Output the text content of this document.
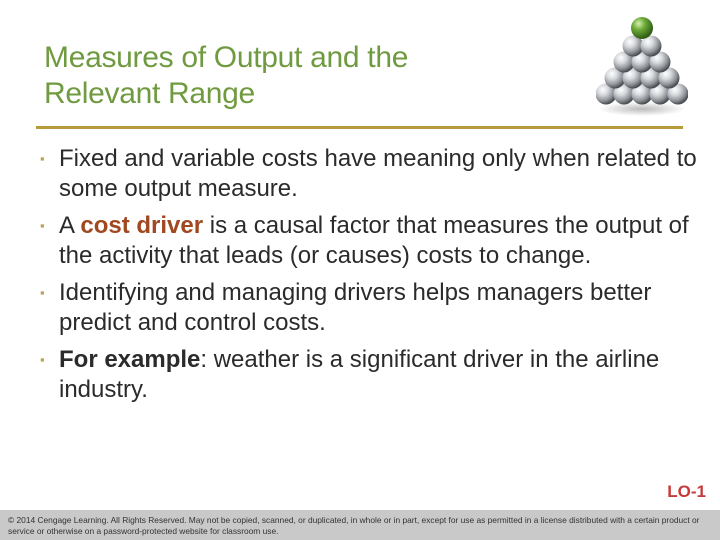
Measures of Output and the
Relevant Range
▪ Fixed and variable costs have meaning only when related to some output measure.
▪ A cost driver is a causal factor that measures the output of the activity that leads (or causes) costs to change.
▪ Identifying and managing drivers helps managers better predict and control costs.
▪ For example: weather is a significant driver in the airline industry.
LO-1
© 2014 Cengage Learning. All Rights Reserved. May not be copied, scanned, or duplicated, in whole or in part, except for use as permitted in a license distributed with a certain product or service or otherwise on a password-protected website for classroom use.
